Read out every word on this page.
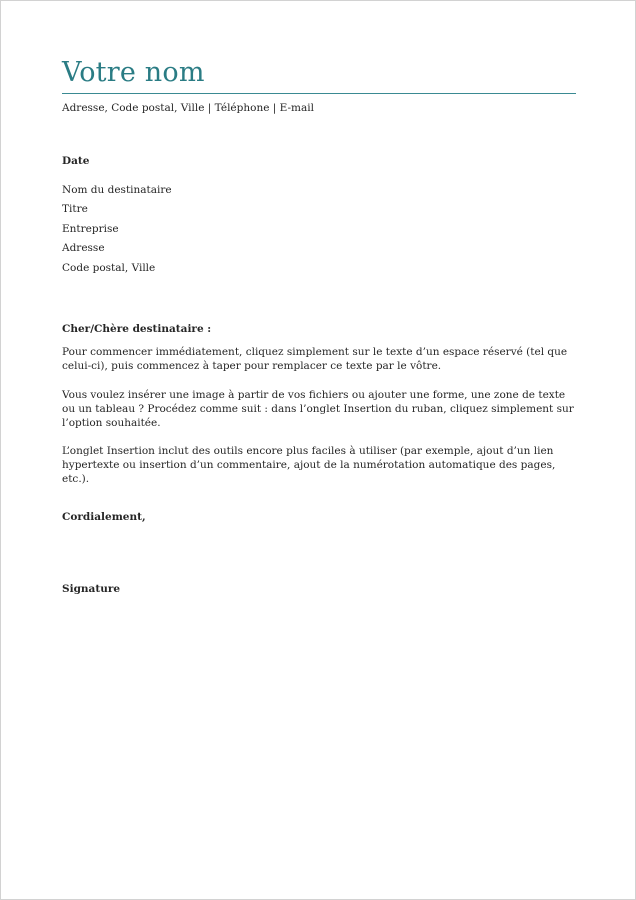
Votre nom
Adresse, Code postal, Ville | Téléphone | E-mail
Date
Nom du destinataire
Titre
Entreprise
Adresse
Code postal, Ville
Cher/Chère destinataire :

Pour commencer immédiatement, cliquez simplement sur le texte d’un espace réservé (tel que celui-ci), puis commencez à taper pour remplacer ce texte par le vôtre.

Vous voulez insérer une image à partir de vos fichiers ou ajouter une forme, une zone de texte ou un tableau ? Procédez comme suit : dans l’onglet Insertion du ruban, cliquez simplement sur l’option souhaitée.

L’onglet Insertion inclut des outils encore plus faciles à utiliser (par exemple, ajout d’un lien hypertexte ou insertion d’un commentaire, ajout de la numérotation automatique des pages, etc.).

Cordialement,
Signature
